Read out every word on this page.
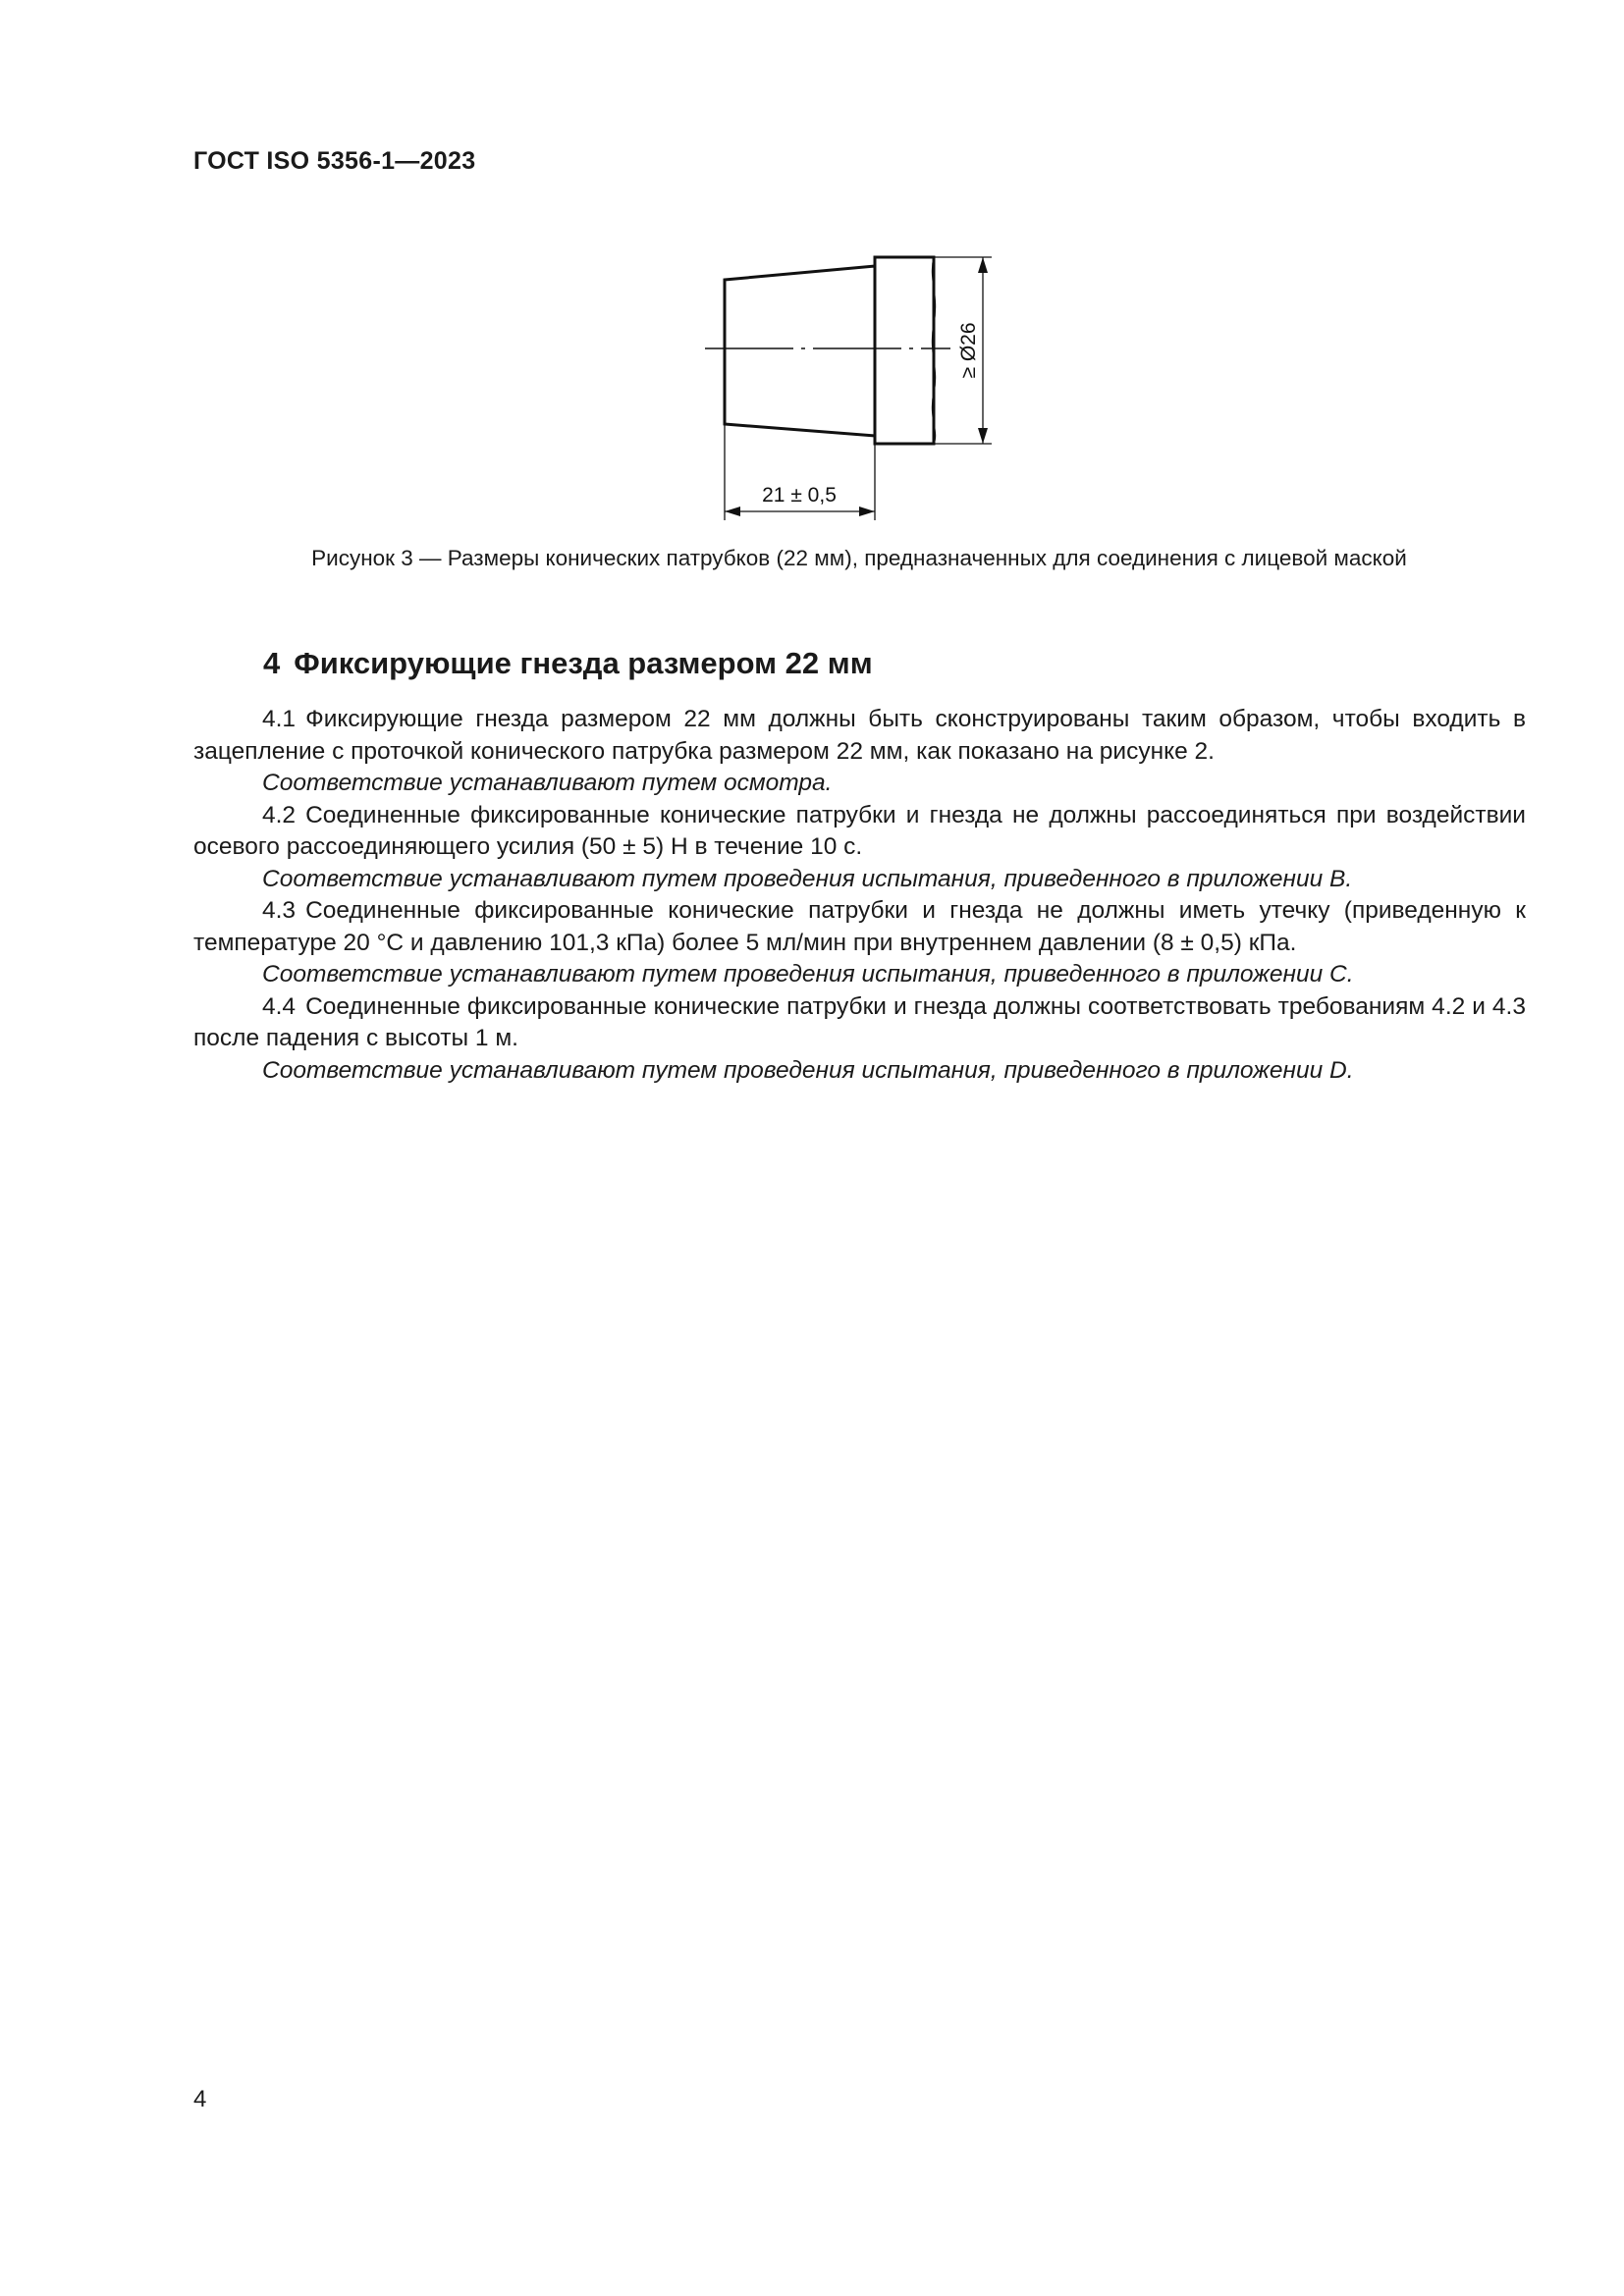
ГОСТ ISO 5356-1—2023
21 ± 0,5
≥ Ø26
Рисунок 3 — Размеры конических патрубков (22 мм), предназначенных для соединения с лицевой маской
4 Фиксирующие гнезда размером 22 мм

4.1 Фиксирующие гнезда размером 22 мм должны быть сконструированы таким образом, чтобы входить в зацепление с проточкой конического патрубка размером 22 мм, как показано на рисунке 2.

Соответствие устанавливают путем осмотра.

4.2 Соединенные фиксированные конические патрубки и гнезда не должны рассоединяться при воздействии осевого рассоединяющего усилия (50 ± 5) Н в течение 10 с.

Соответствие устанавливают путем проведения испытания, приведенного в приложении В.

4.3 Соединенные фиксированные конические патрубки и гнезда не должны иметь утечку (приведенную к температуре 20 °С и давлению 101,3 кПа) более 5 мл/мин при внутреннем давлении (8 ± 0,5) кПа.

Соответствие устанавливают путем проведения испытания, приведенного в приложении С.

4.4 Соединенные фиксированные конические патрубки и гнезда должны соответствовать требованиям 4.2 и 4.3 после падения с высоты 1 м.

Соответствие устанавливают путем проведения испытания, приведенного в приложении D.

4
